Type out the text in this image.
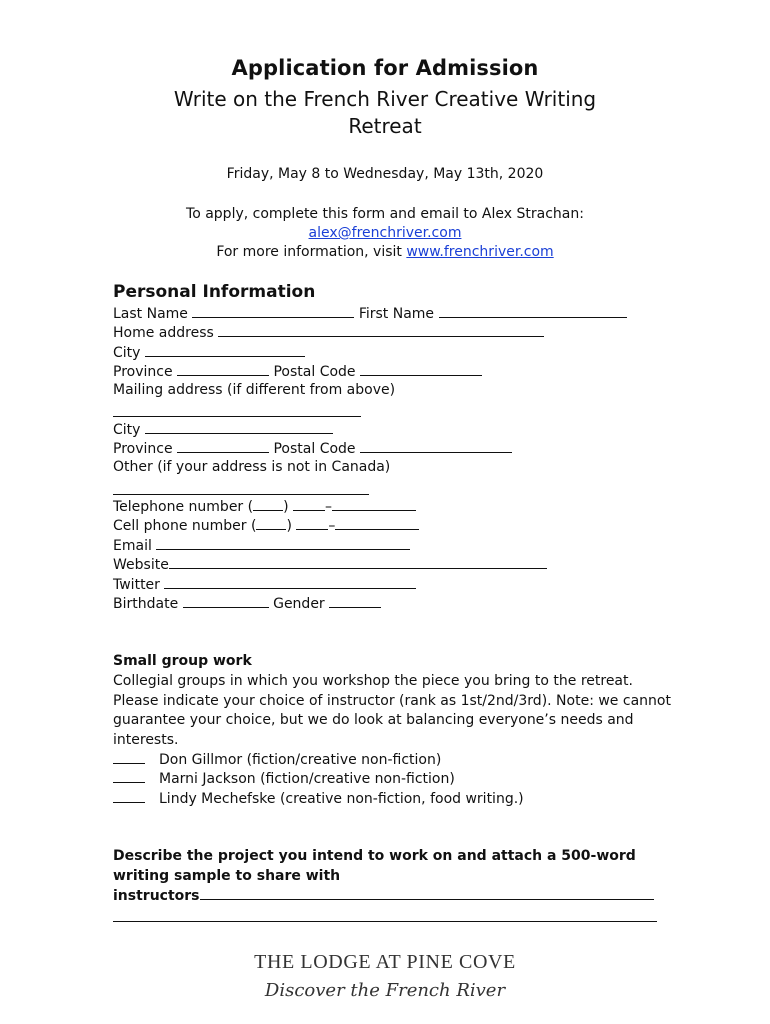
Application for Admission
Write on the French River Creative Writing
Retreat
Friday, May 8 to Wednesday, May 13th, 2020
To apply, complete this form and email to Alex Strachan:
alex@frenchriver.com
For more information, visit www.frenchriver.com
Personal Information
Last Name	First Name
Home address
City
Province	Postal Code
Mailing address (if different from above)
City
Province	Postal Code
Other (if your address is not in Canada)
Telephone number ( )	–
Cell phone number ( )	–
Email
Website
Twitter
Birthdate	Gender
Small group work
Collegial groups in which you workshop the piece you bring to the retreat. Please indicate your choice of instructor (rank as 1st/2nd/3rd). Note: we cannot guarantee your choice, but we do look at balancing everyone’s needs and interests.
Don Gillmor (fiction/creative non-fiction)
Marni Jackson (fiction/creative non-fiction)
Lindy Mechefske (creative non-fiction, food writing.)
Describe the project you intend to work on and attach a 500-word
writing sample to share with
instructors
THE LODGE AT PINE COVE
Discover the French River
